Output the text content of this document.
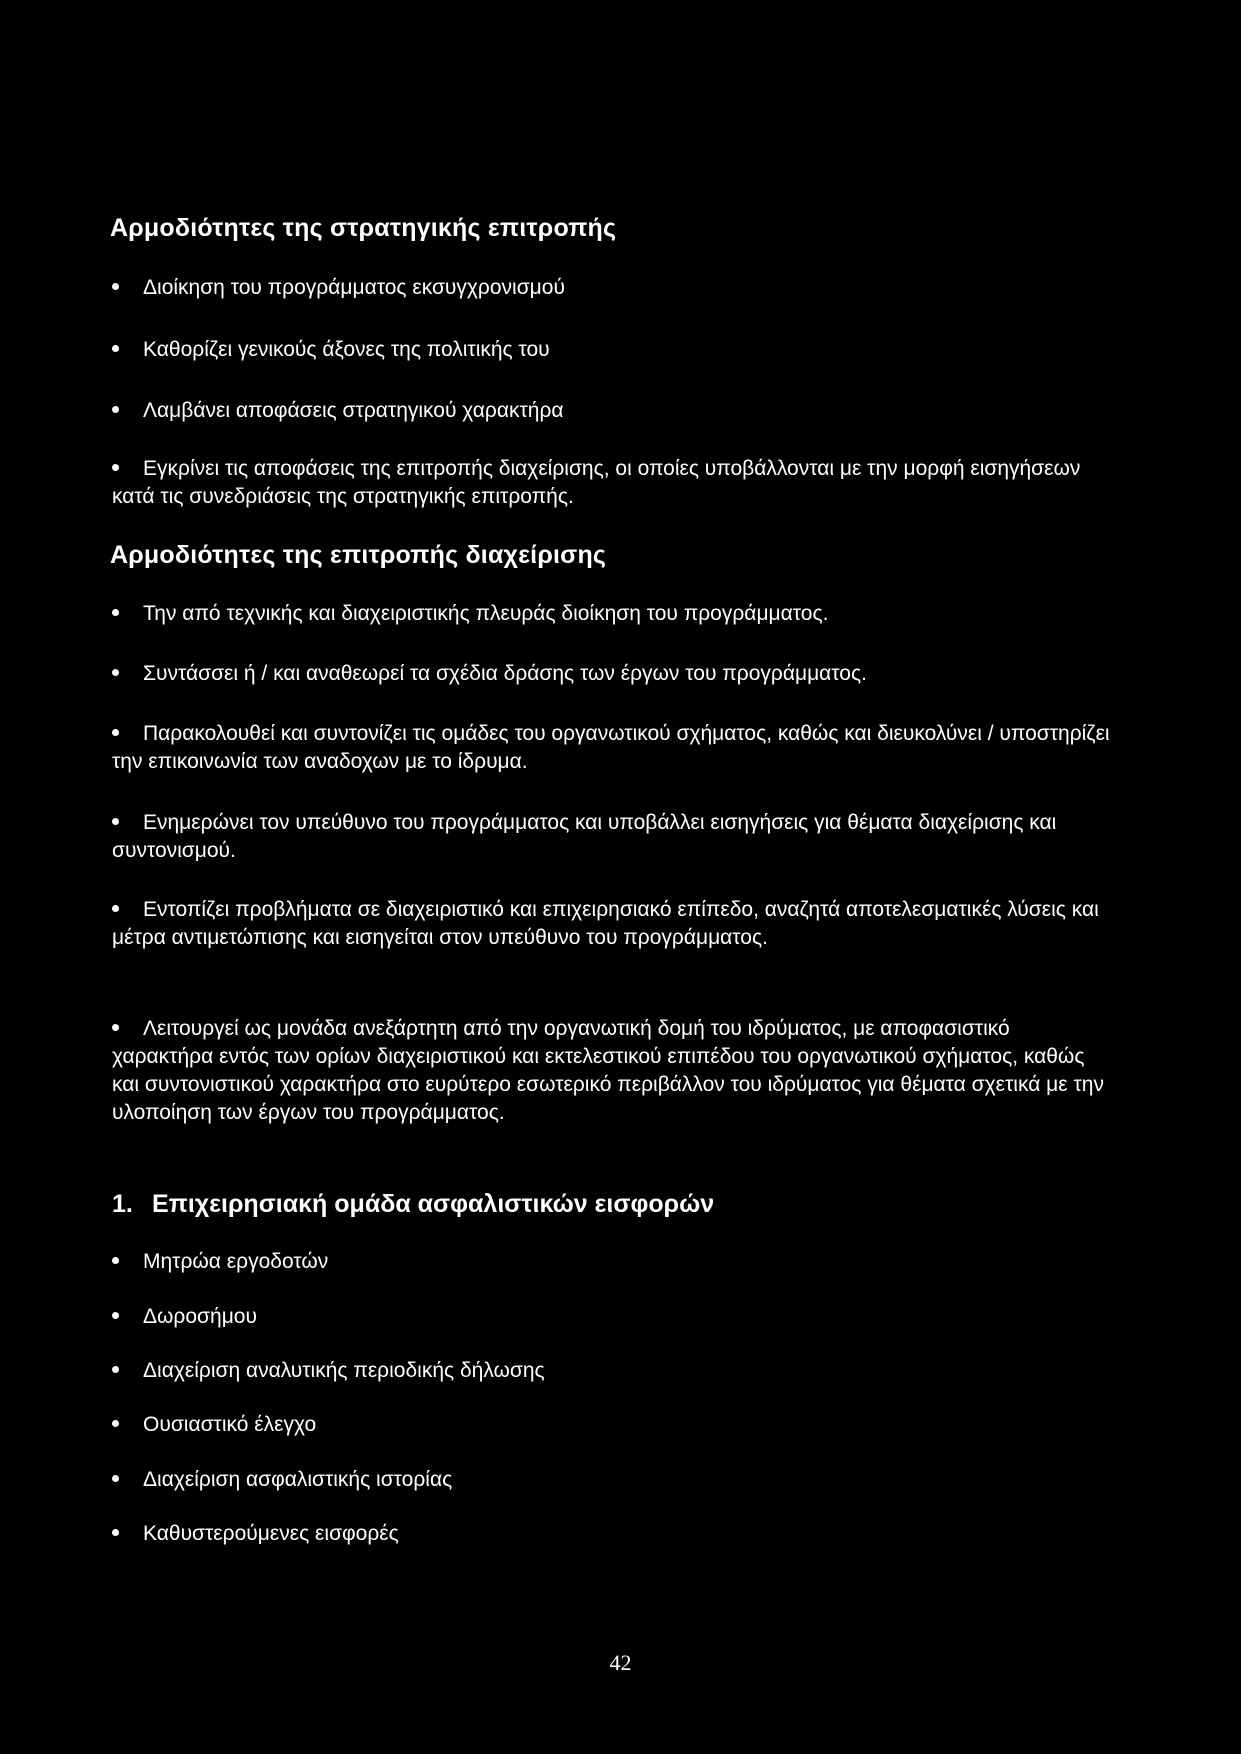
Αρμοδιότητες της στρατηγικής επιτροπής
Διοίκηση του προγράμματος εκσυγχρονισμού
Καθορίζει γενικούς άξονες της πολιτικής του
Λαμβάνει αποφάσεις στρατηγικού χαρακτήρα
Εγκρίνει τις αποφάσεις της επιτροπής διαχείρισης, οι οποίες υποβάλλονται με την μορφή εισηγήσεων κατά τις συνεδριάσεις της στρατηγικής επιτροπής.
Αρμοδιότητες της επιτροπής διαχείρισης
Την από τεχνικής και διαχειριστικής πλευράς διοίκηση του προγράμματος.
Συντάσσει ή / και αναθεωρεί τα σχέδια δράσης των έργων του προγράμματος.
Παρακολουθεί και συντονίζει τις ομάδες του οργανωτικού σχήματος, καθώς και διευκολύνει / υποστηρίζει την επικοινωνία των αναδοχων με το ίδρυμα.
Ενημερώνει τον υπεύθυνο του προγράμματος και υποβάλλει εισηγήσεις για θέματα διαχείρισης και συντονισμού.
Εντοπίζει προβλήματα σε διαχειριστικό και επιχειρησιακό επίπεδο, αναζητά αποτελεσματικές λύσεις και μέτρα αντιμετώπισης και εισηγείται στον υπεύθυνο του προγράμματος.
Λειτουργεί ως μονάδα ανεξάρτητη από την οργανωτική δομή του ιδρύματος, με αποφασιστικό χαρακτήρα εντός των ορίων διαχειριστικού και εκτελεστικού επιπέδου του οργανωτικού σχήματος, καθώς και συντονιστικού χαρακτήρα στο ευρύτερο εσωτερικό περιβάλλον του ιδρύματος για θέματα σχετικά με την υλοποίηση των έργων του προγράμματος.
1. Επιχειρησιακή ομάδα ασφαλιστικών εισφορών
Μητρώα εργοδοτών
Δωροσήμου
Διαχείριση αναλυτικής περιοδικής δήλωσης
Ουσιαστικό έλεγχο
Διαχείριση ασφαλιστικής ιστορίας
Καθυστερούμενες εισφορές
42
